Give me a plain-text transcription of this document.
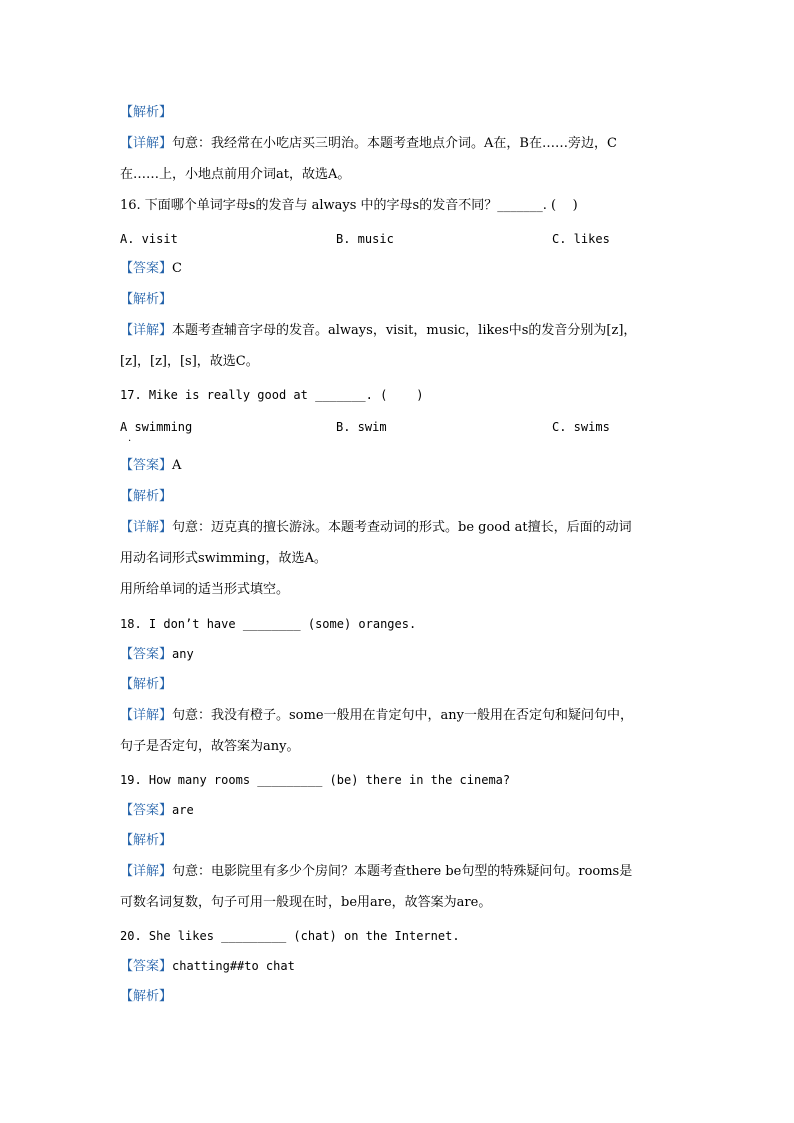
【解析】
【详解】句意：我经常在小吃店买三明治。本题考查地点介词。A在，B在……旁边，C
在……上，小地点前用介词at，故选A。
16. 下面哪个单词字母s的发音与 always 中的字母s的发音不同？_______. (    )
A. visit	B. music	C. likes
【答案】C
【解析】
【详解】本题考查辅音字母的发音。always，visit，music，likes中s的发音分别为[z]，
[z]，[z]，[s]，故选C。
17. Mike is really good at _______. (    )
A swimming
.
B. swim	C. swims
【答案】A
【解析】
【详解】句意：迈克真的擅长游泳。本题考查动词的形式。be good at擅长，后面的动词
用动名词形式swimming，故选A。
用所给单词的适当形式填空。
18. I don’t have ________ (some) oranges.
【答案】any
【解析】
【详解】句意：我没有橙子。some一般用在肯定句中，any一般用在否定句和疑问句中，
句子是否定句，故答案为any。
19. How many rooms _________ (be) there in the cinema?
【答案】are
【解析】
【详解】句意：电影院里有多少个房间？本题考查there be句型的特殊疑问句。rooms是
可数名词复数，句子可用一般现在时，be用are，故答案为are。
20. She likes _________ (chat) on the Internet.
【答案】chatting##to chat
【解析】
